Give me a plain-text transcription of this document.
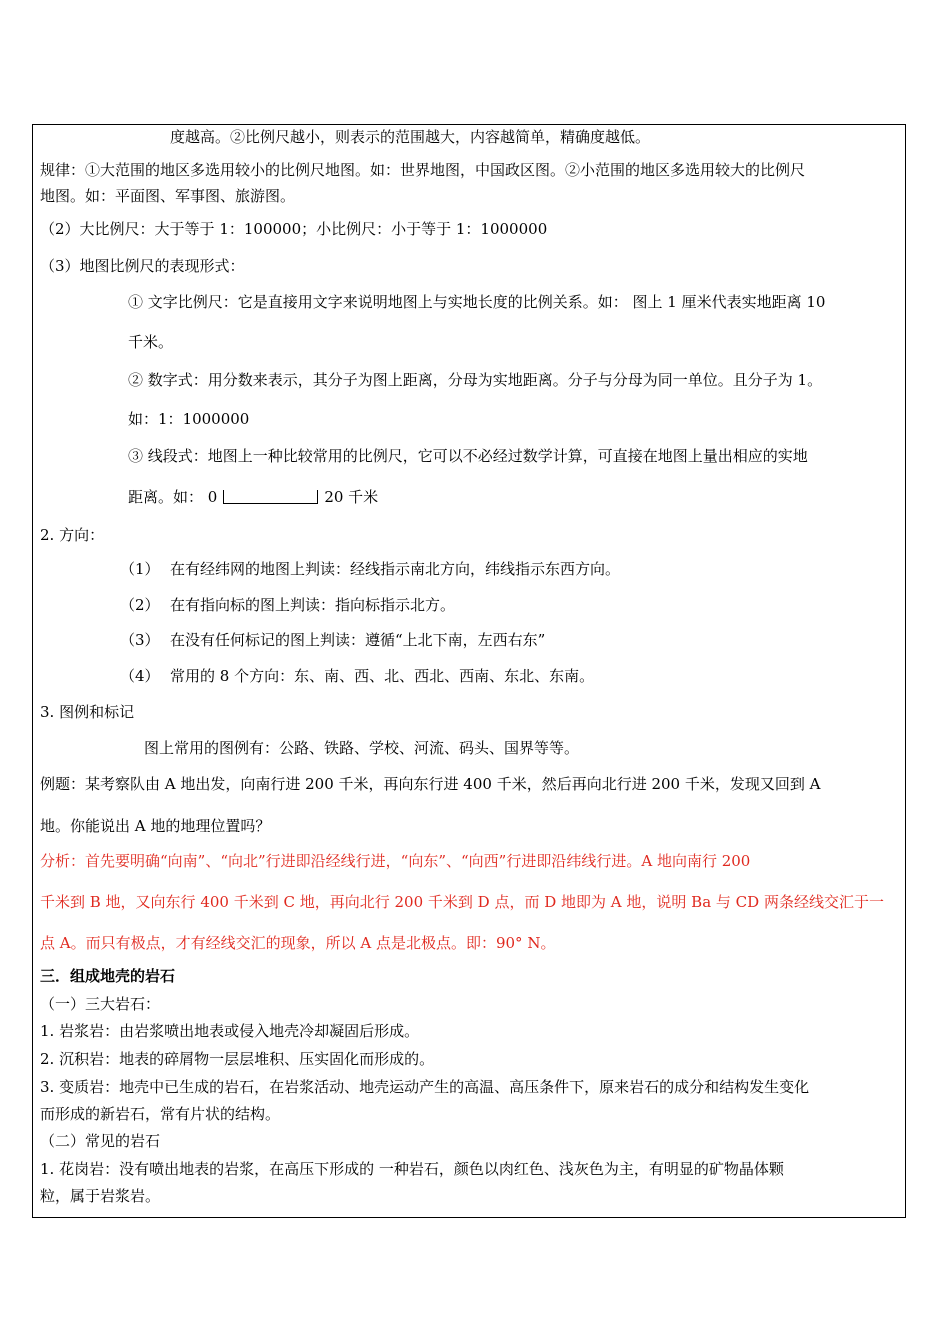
度越高。②比例尺越小，则表示的范围越大，内容越简单，精确度越低。
规律：①大范围的地区多选用较小的比例尺地图。如：世界地图，中国政区图。②小范围的地区多选用较大的比例尺
地图。如：平面图、军事图、旅游图。
（2）大比例尺：大于等于 1：100000；小比例尺：小于等于 1：1000000
（3）地图比例尺的表现形式：
① 文字比例尺：它是直接用文字来说明地图上与实地长度的比例关系。如： 图上 1 厘米代表实地距离 10
千米。
② 数字式：用分数来表示，其分子为图上距离，分母为实地距离。分子与分母为同一单位。且分子为 1。
如：1：1000000
③ 线段式：地图上一种比较常用的比例尺，它可以不必经过数学计算，可直接在地图上量出相应的实地
距离。如： 0	20 千米
2. 方向：
（1） 在有经纬网的地图上判读：经线指示南北方向，纬线指示东西方向。
（2） 在有指向标的图上判读：指向标指示北方。
（3） 在没有任何标记的图上判读：遵循“上北下南，左西右东”
（4） 常用的 8 个方向：东、南、西、北、西北、西南、东北、东南。
3. 图例和标记
图上常用的图例有：公路、铁路、学校、河流、码头、国界等等。
例题：某考察队由 A 地出发，向南行进 200 千米，再向东行进 400 千米，然后再向北行进 200 千米，发现又回到 A
地。你能说出 A 地的地理位置吗？
分析：首先要明确“向南”、“向北”行进即沿经线行进，“向东”、“向西”行进即沿纬线行进。A 地向南行 200
千米到 B 地，又向东行 400 千米到 C 地，再向北行 200 千米到 D 点，而 D 地即为 A 地，说明 Ba 与 CD 两条经线交汇于一
点 A。而只有极点，才有经线交汇的现象，所以 A 点是北极点。即：90° N。
三．组成地壳的岩石
（一）三大岩石：
1. 岩浆岩：由岩浆喷出地表或侵入地壳冷却凝固后形成。
2. 沉积岩：地表的碎屑物一层层堆积、压实固化而形成的。
3. 变质岩：地壳中已生成的岩石，在岩浆活动、地壳运动产生的高温、高压条件下，原来岩石的成分和结构发生变化
而形成的新岩石，常有片状的结构。
（二）常见的岩石
1. 花岗岩：没有喷出地表的岩浆，在高压下形成的 一种岩石，颜色以肉红色、浅灰色为主，有明显的矿物晶体颗
粒，属于岩浆岩。
